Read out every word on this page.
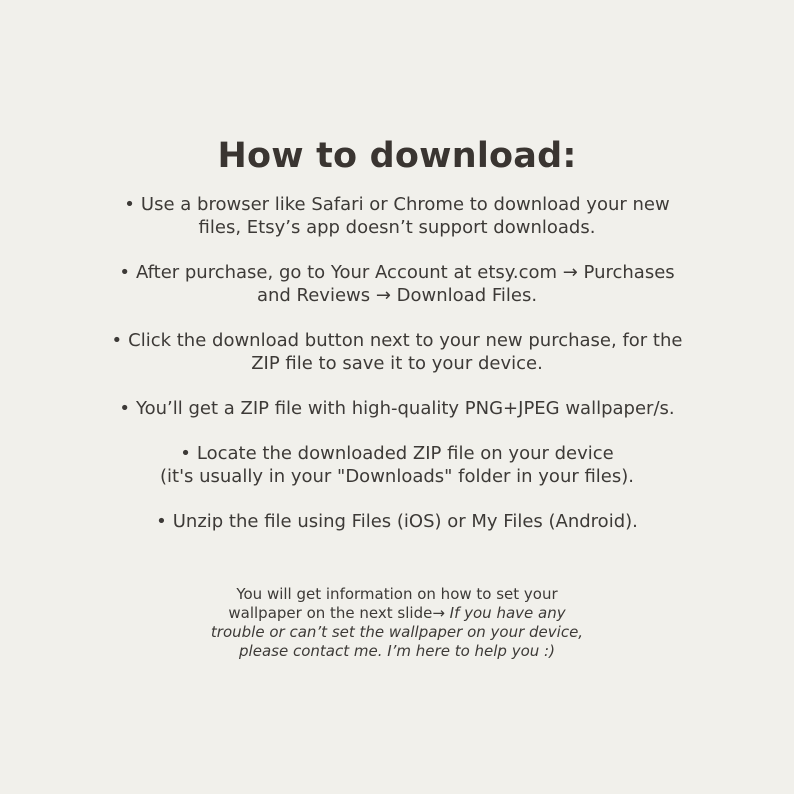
How to download:
• Use a browser like Safari or Chrome to download your new
files, Etsy’s app doesn’t support downloads.
• After purchase, go to Your Account at etsy.com → Purchases
and Reviews → Download Files.
• Click the download button next to your new purchase, for the
ZIP file to save it to your device.
• You’ll get a ZIP file with high-quality PNG+JPEG wallpaper/s.
• Locate the downloaded ZIP file on your device
(it's usually in your "Downloads" folder in your files).
• Unzip the file using Files (iOS) or My Files (Android).
You will get information on how to set your
wallpaper on the next slide→ If you have any
trouble or can’t set the wallpaper on your device,
please contact me. I’m here to help you :)
